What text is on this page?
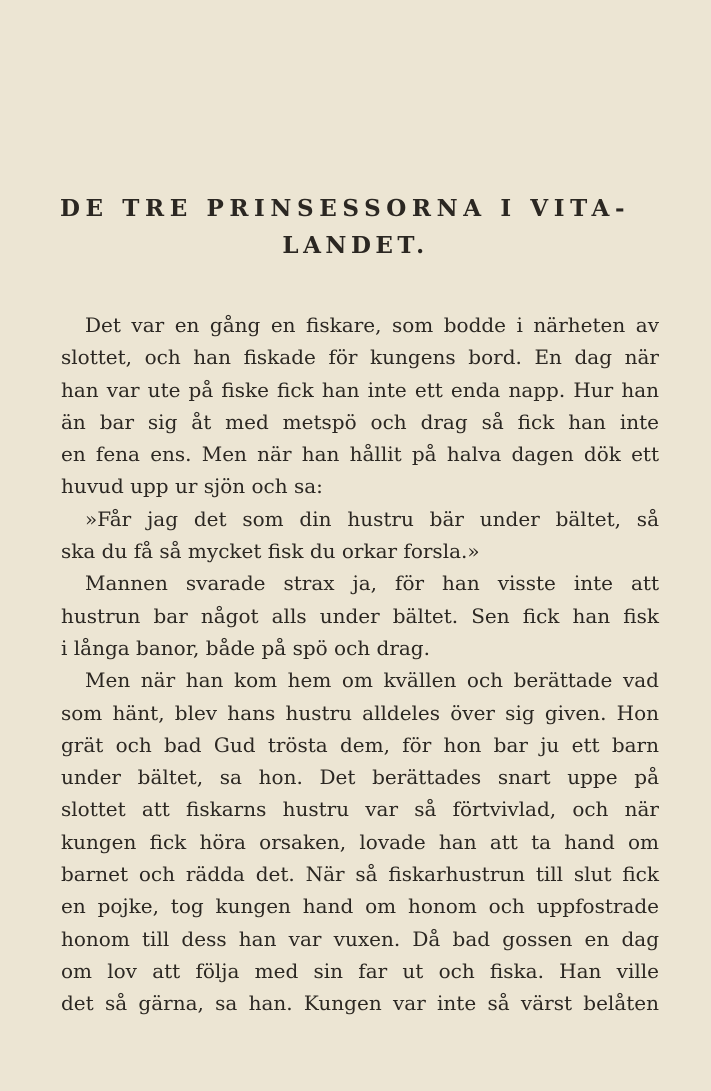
DE TRE PRINSESSORNA I VITA-
LANDET.
Det var en gång en fiskare, som bodde i närheten av
slottet, och han fiskade för kungens bord. En dag när
han var ute på fiske fick han inte ett enda napp. Hur han
än bar sig åt med metspö och drag så fick han inte
en fena ens. Men när han hållit på halva dagen dök ett
huvud upp ur sjön och sa:
»Får jag det som din hustru bär under bältet, så
ska du få så mycket fisk du orkar forsla.»
Mannen svarade strax ja, för han visste inte att
hustrun bar något alls under bältet. Sen fick han fisk
i långa banor, både på spö och drag.
Men när han kom hem om kvällen och berättade vad
som hänt, blev hans hustru alldeles över sig given. Hon
grät och bad Gud trösta dem, för hon bar ju ett barn
under bältet, sa hon. Det berättades snart uppe på
slottet att fiskarns hustru var så förtvivlad, och när
kungen fick höra orsaken, lovade han att ta hand om
barnet och rädda det. När så fiskarhustrun till slut fick
en pojke, tog kungen hand om honom och uppfostrade
honom till dess han var vuxen. Då bad gossen en dag
om lov att följa med sin far ut och fiska. Han ville
det så gärna, sa han. Kungen var inte så värst belåten
